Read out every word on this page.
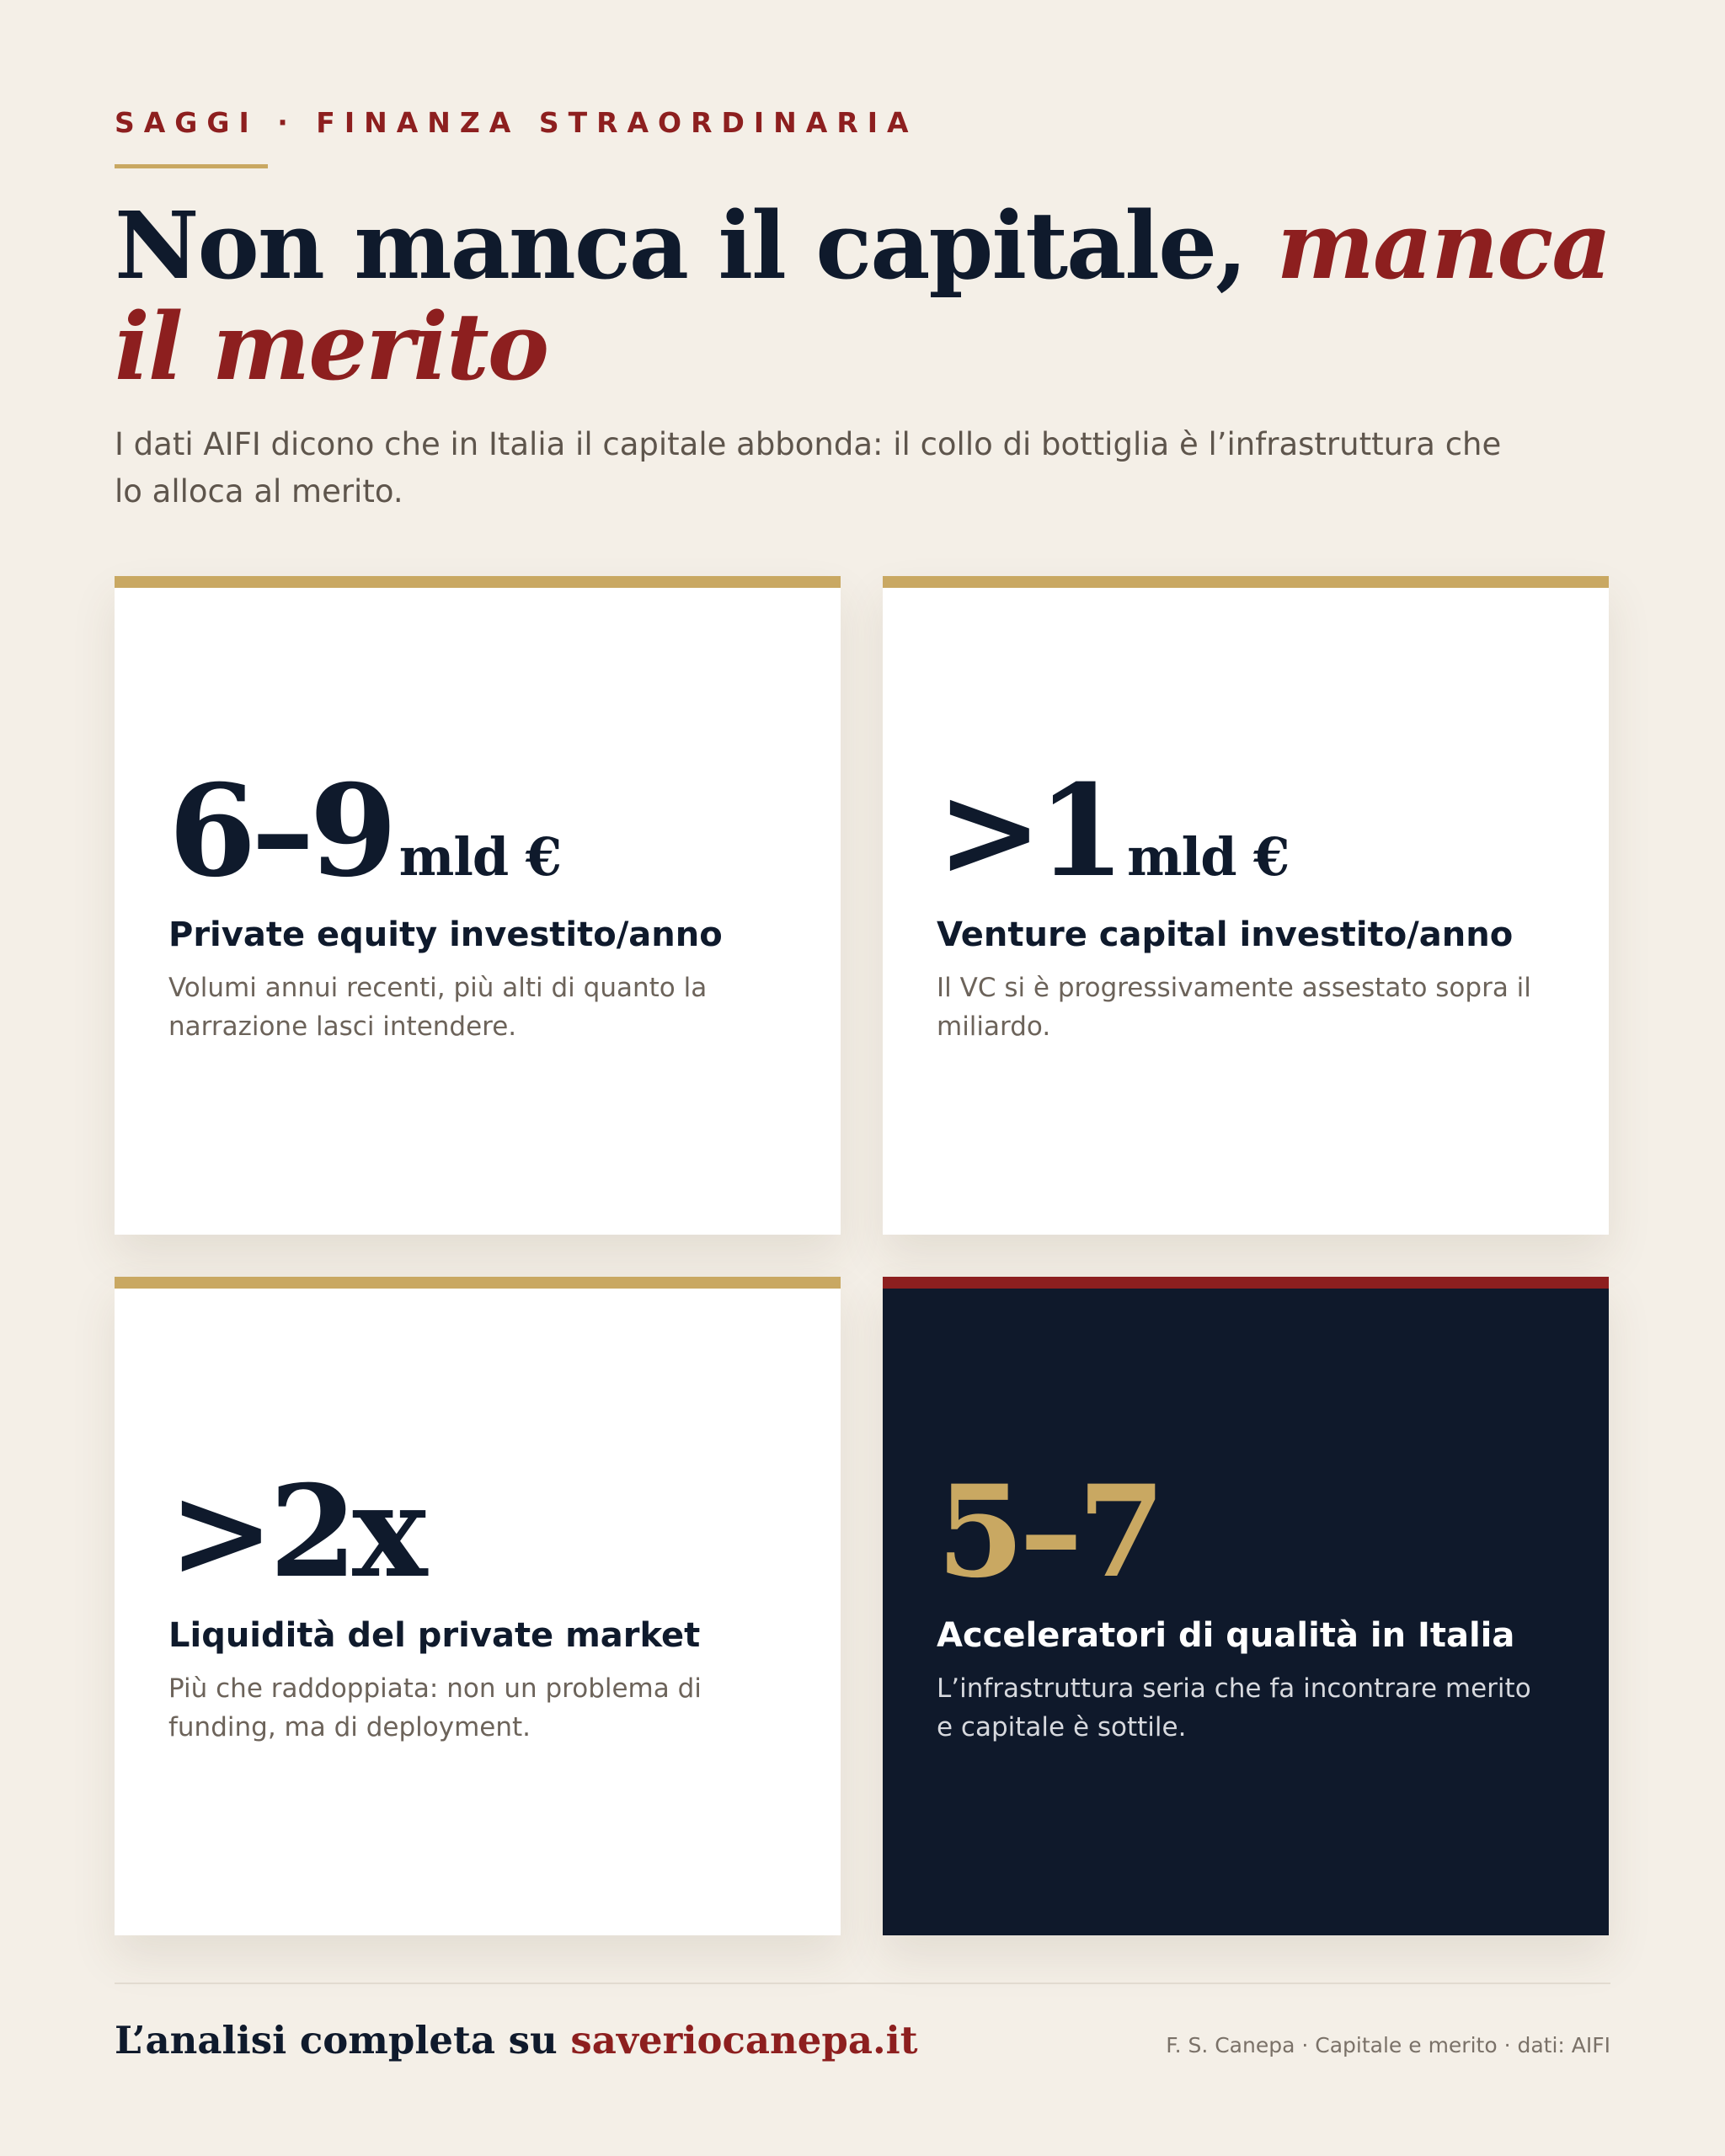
SAGGI · FINANZA STRAORDINARIA
Non manca il capitale, manca il merito

I dati AIFI dicono che in Italia il capitale abbonda: il collo di bottiglia è l’infrastruttura che lo alloca al merito.

6–9 mld €
Private equity investito/anno
Volumi annui recenti, più alti di quanto la narrazione lasci intendere.
>1 mld €
Venture capital investito/anno
Il VC si è progressivamente assestato sopra il miliardo.
>2x
Liquidità del private market
Più che raddoppiata: non un problema di funding, ma di deployment.
5–7
Acceleratori di qualità in Italia
L’infrastruttura seria che fa incontrare merito e capitale è sottile.
L’analisi completa su saveriocanepa.it	F. S. Canepa · Capitale e merito · dati: AIFI
